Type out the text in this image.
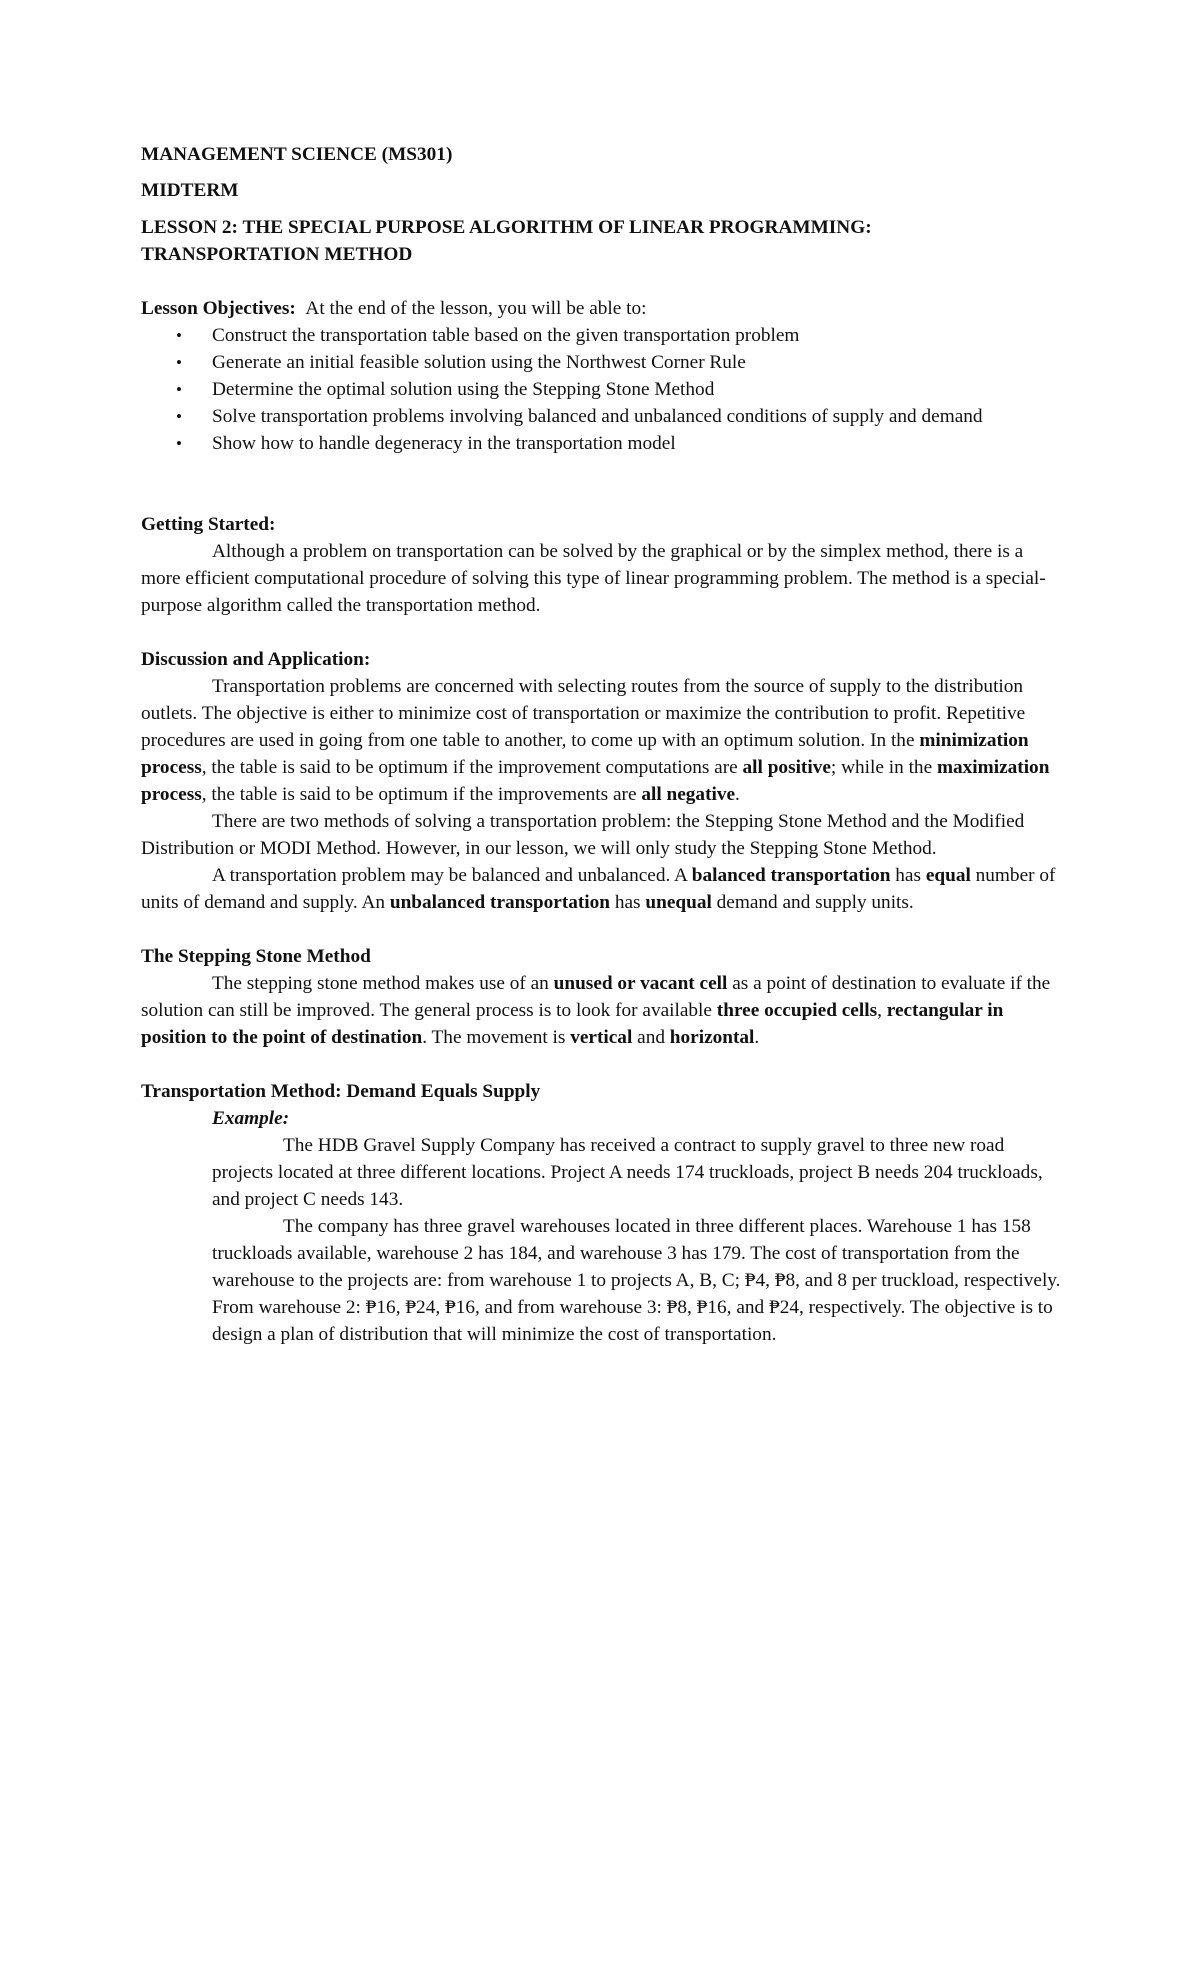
MANAGEMENT SCIENCE (MS301)

MIDTERM

LESSON 2: THE SPECIAL PURPOSE ALGORITHM OF LINEAR PROGRAMMING:
TRANSPORTATION METHOD
Lesson Objectives: At the end of the lesson, you will be able to:
• Construct the transportation table based on the given transportation problem
• Generate an initial feasible solution using the Northwest Corner Rule
• Determine the optimal solution using the Stepping Stone Method
• Solve transportation problems involving balanced and unbalanced conditions of supply and demand
• Show how to handle degeneracy in the transportation model
Getting Started:

Although a problem on transportation can be solved by the graphical or by the simplex method, there is a more efficient computational procedure of solving this type of linear programming problem. The method is a special-purpose algorithm called the transportation method.

Discussion and Application:

Transportation problems are concerned with selecting routes from the source of supply to the distribution outlets. The objective is either to minimize cost of transportation or maximize the contribution to profit. Repetitive procedures are used in going from one table to another, to come up with an optimum solution. In the minimization process, the table is said to be optimum if the improvement computations are all positive; while in the maximization process, the table is said to be optimum if the improvements are all negative.

There are two methods of solving a transportation problem: the Stepping Stone Method and the Modified Distribution or MODI Method. However, in our lesson, we will only study the Stepping Stone Method.

A transportation problem may be balanced and unbalanced. A balanced transportation has equal number of units of demand and supply. An unbalanced transportation has unequal demand and supply units.

The Stepping Stone Method

The stepping stone method makes use of an unused or vacant cell as a point of destination to evaluate if the solution can still be improved. The general process is to look for available three occupied cells, rectangular in position to the point of destination. The movement is vertical and horizontal.

Transportation Method: Demand Equals Supply
Example:

The HDB Gravel Supply Company has received a contract to supply gravel to three new road projects located at three different locations. Project A needs 174 truckloads, project B needs 204 truckloads, and project C needs 143.

The company has three gravel warehouses located in three different places. Warehouse 1 has 158 truckloads available, warehouse 2 has 184, and warehouse 3 has 179. The cost of transportation from the warehouse to the projects are: from warehouse 1 to projects A, B, C; ₱4, ₱8, and 8 per truckload, respectively. From warehouse 2: ₱16, ₱24, ₱16, and from warehouse 3: ₱8, ₱16, and ₱24, respectively. The objective is to design a plan of distribution that will minimize the cost of transportation.
